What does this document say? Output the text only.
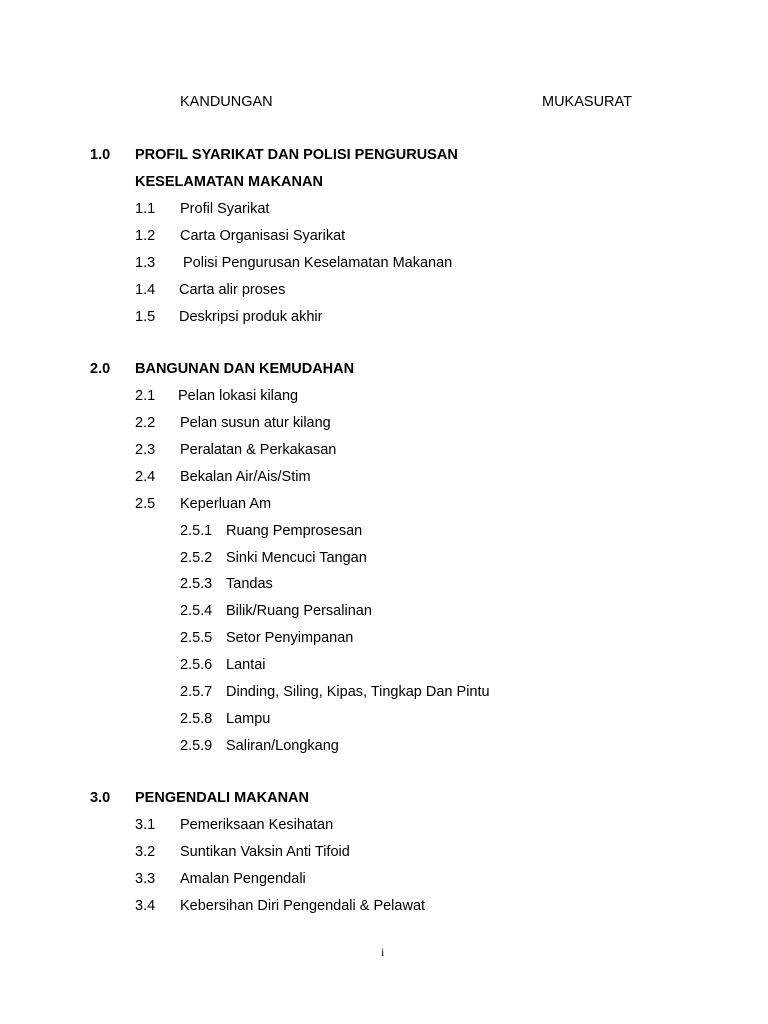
KANDUNGAN	MUKASURAT
1.0 PROFIL SYARIKAT DAN POLISI PENGURUSAN
KESELAMATAN MAKANAN
1.1 Profil Syarikat
1.2 Carta Organisasi Syarikat
1.3 Polisi Pengurusan Keselamatan Makanan
1.4 Carta alir proses
1.5 Deskripsi produk akhir
2.0 BANGUNAN DAN KEMUDAHAN
2.1 Pelan lokasi kilang
2.2 Pelan susun atur kilang
2.3 Peralatan & Perkakasan
2.4 Bekalan Air/Ais/Stim
2.5 Keperluan Am
2.5.1 Ruang Pemprosesan
2.5.2 Sinki Mencuci Tangan
2.5.3 Tandas
2.5.4 Bilik/Ruang Persalinan
2.5.5 Setor Penyimpanan
2.5.6 Lantai
2.5.7 Dinding, Siling, Kipas, Tingkap Dan Pintu
2.5.8 Lampu
2.5.9 Saliran/Longkang
3.0 PENGENDALI MAKANAN
3.1 Pemeriksaan Kesihatan
3.2 Suntikan Vaksin Anti Tifoid
3.3 Amalan Pengendali
3.4 Kebersihan Diri Pengendali & Pelawat
i
